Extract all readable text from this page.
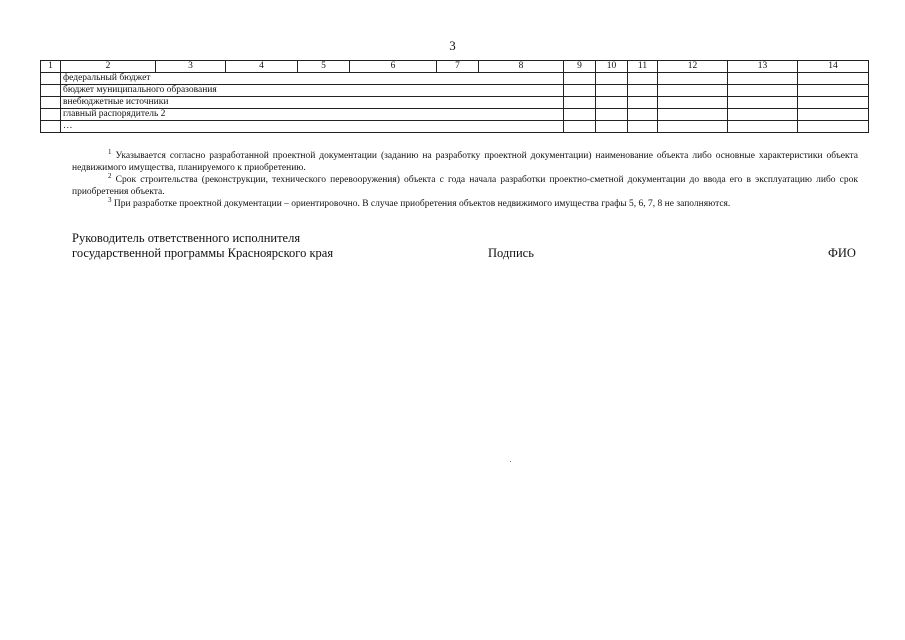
3
1	2	3	4	5	6	7	8	9	10	11	12	13	14
	федеральный бюджет												
	бюджет муниципального образования												
	внебюджетные источники												
	главный распорядитель 2												
	…												

$^1$ Указывается согласно разработанной проектной документации (заданию на разработку проектной документации) наименование объекта либо основные характеристики объекта недвижимого имущества, планируемого к приобретению.

$^2$ Срок строительства (реконструкции, технического перевооружения) объекта с года начала разработки проектно-сметной документации до ввода его в эксплуатацию либо срок приобретения объекта.

$^3$ При разработке проектной документации – ориентировочно. В случае приобретения объектов недвижимого имущества графы 5, 6, 7, 8 не заполняются.

Руководитель ответственного исполнителя
государственной программы Красноярского края	Подпись	ФИО
